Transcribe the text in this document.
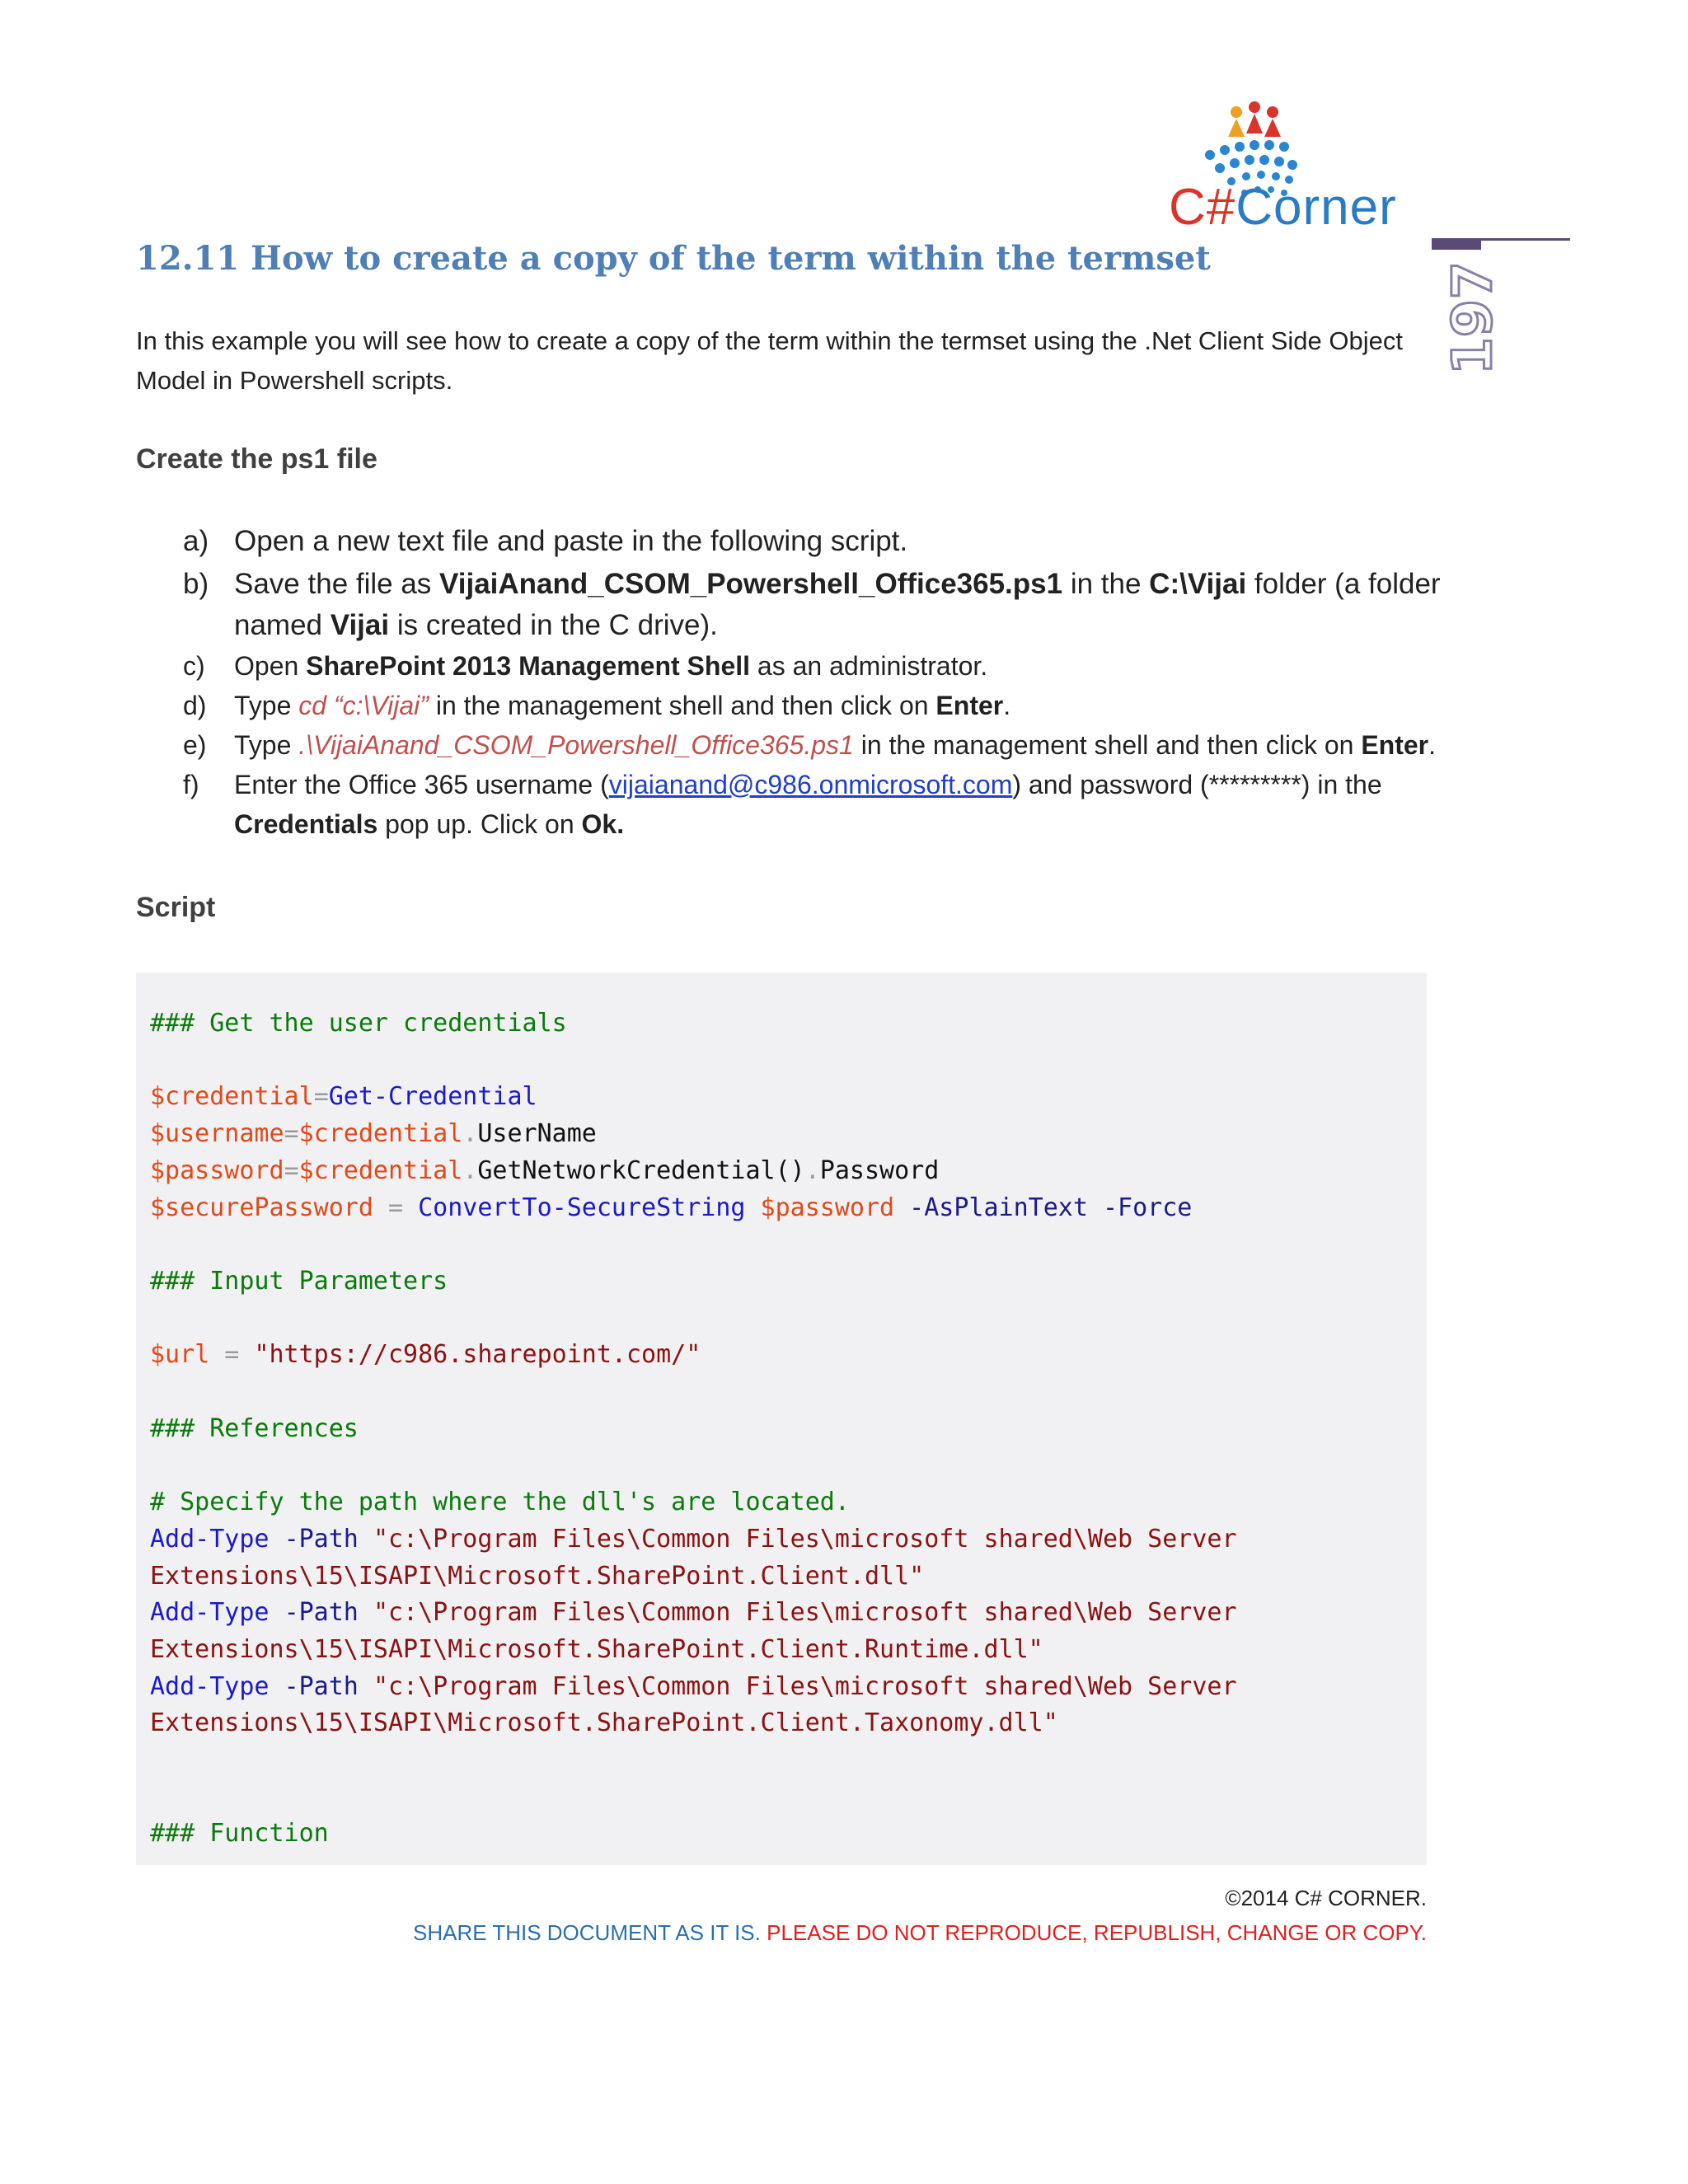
C#Corner
197
12.11 How to create a copy of the term within the termset
In this example you will see how to create a copy of the term within the termset using the .Net Client Side Object Model in Powershell scripts.
Create the ps1 file
a) Open a new text file and paste in the following script.
b) Save the file as VijaiAnand_CSOM_Powershell_Office365.ps1 in the C:\Vijai folder (a folder named Vijai is created in the C drive).
c) Open SharePoint 2013 Management Shell as an administrator.
d) Type cd “c:\Vijai” in the management shell and then click on Enter.
e) Type .\VijaiAnand_CSOM_Powershell_Office365.ps1 in the management shell and then click on Enter.
f) Enter the Office 365 username (vijaianand@c986.onmicrosoft.com) and password (*********) in the Credentials pop up. Click on Ok.
Script
### Get the user credentials

$credential=Get-Credential
$username=$credential.UserName
$password=$credential.GetNetworkCredential().Password
$securePassword = ConvertTo-SecureString $password -AsPlainText -Force

### Input Parameters

$url = "https://c986.sharepoint.com/"

### References

# Specify the path where the dll's are located.
Add-Type -Path "c:\Program Files\Common Files\microsoft shared\Web Server
Extensions\15\ISAPI\Microsoft.SharePoint.Client.dll"
Add-Type -Path "c:\Program Files\Common Files\microsoft shared\Web Server
Extensions\15\ISAPI\Microsoft.SharePoint.Client.Runtime.dll"
Add-Type -Path "c:\Program Files\Common Files\microsoft shared\Web Server
Extensions\15\ISAPI\Microsoft.SharePoint.Client.Taxonomy.dll"

### Function
©2014 C# CORNER.
SHARE THIS DOCUMENT AS IT IS. PLEASE DO NOT REPRODUCE, REPUBLISH, CHANGE OR COPY.
